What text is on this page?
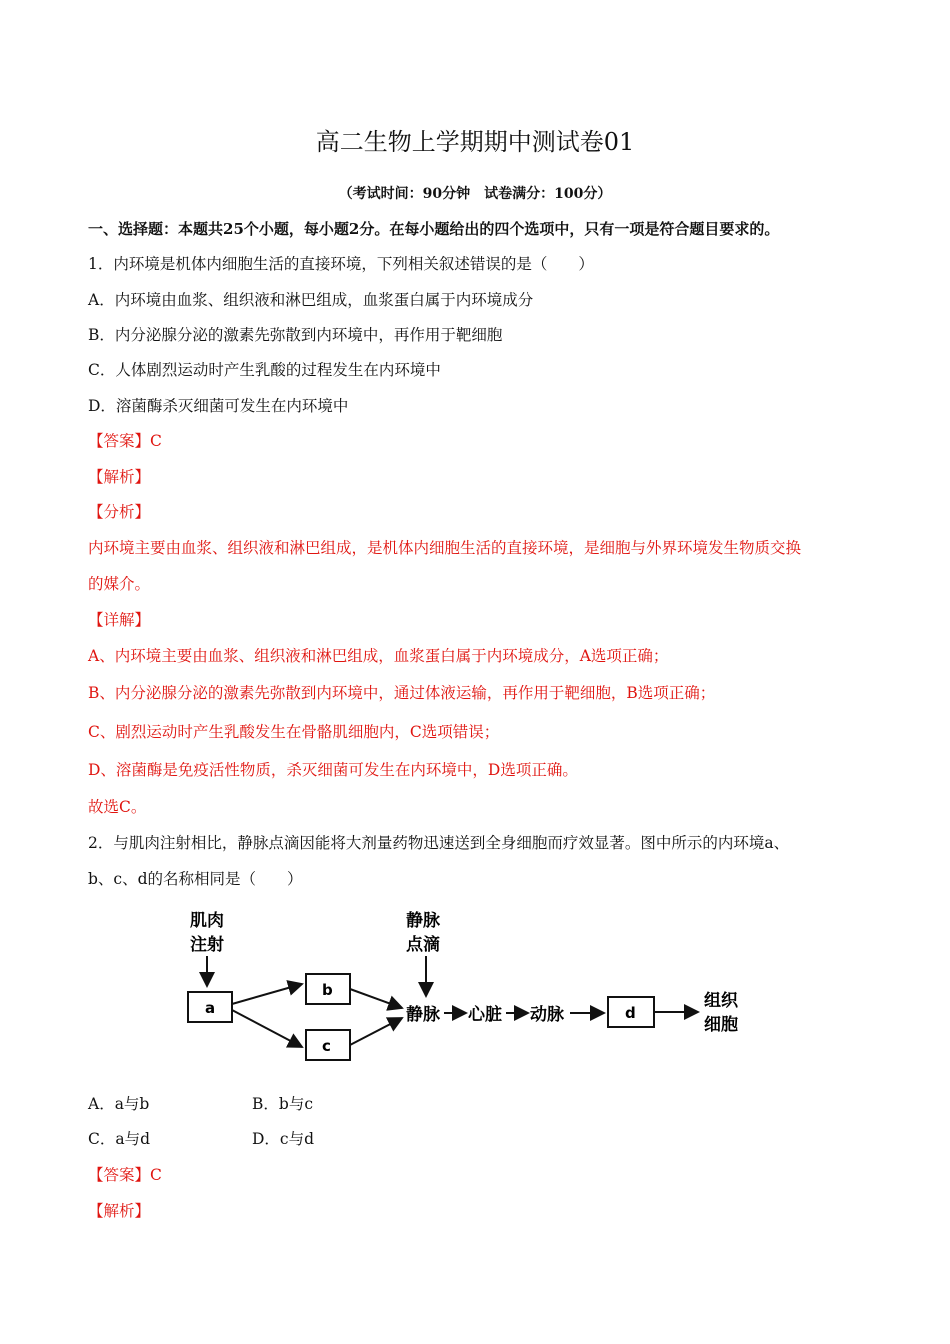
高二生物上学期期中测试卷01
（考试时间：90分钟　试卷满分：100分）
一、选择题：本题共25个小题，每小题2分。在每小题给出的四个选项中，只有一项是符合题目要求的。
1．内环境是机体内细胞生活的直接环境，下列相关叙述错误的是（　　）
A．内环境由血浆、组织液和淋巴组成，血浆蛋白属于内环境成分
B．内分泌腺分泌的激素先弥散到内环境中，再作用于靶细胞
C．人体剧烈运动时产生乳酸的过程发生在内环境中
D．溶菌酶杀灭细菌可发生在内环境中
【答案】C
【解析】
【分析】
内环境主要由血浆、组织液和淋巴组成，是机体内细胞生活的直接环境，是细胞与外界环境发生物质交换
的媒介。
【详解】
A、内环境主要由血浆、组织液和淋巴组成，血浆蛋白属于内环境成分，A选项正确；
B、内分泌腺分泌的激素先弥散到内环境中，通过体液运输，再作用于靶细胞，B选项正确；
C、剧烈运动时产生乳酸发生在骨骼肌细胞内，C选项错误；
D、溶菌酶是免疫活性物质，杀灭细菌可发生在内环境中，D选项正确。
故选C。
2．与肌肉注射相比，静脉点滴因能将大剂量药物迅速送到全身细胞而疗效显著。图中所示的内环境a、
b、c、d的名称相同是（　　）
肌肉
注射
静脉
点滴
a
b
c
静脉 心脏 动脉	d
组织
细胞
A．a与b	B．b与c
C．a与d	D．c与d
【答案】C
【解析】
